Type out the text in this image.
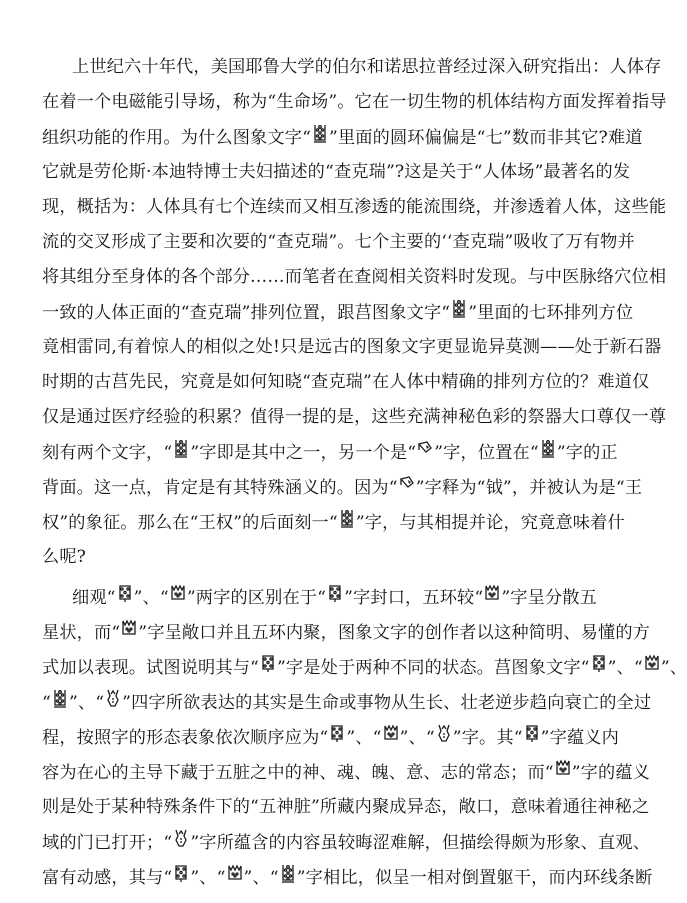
上世纪六十年代，美国耶鲁大学的伯尔和诺思拉普经过深入研究指出：人体存
在着一个电磁能引导场，称为“生命场”。它在一切生物的机体结构方面发挥着指导
组织功能的作用。为什么图象文字“ ”里面的圆环偏偏是“七”数而非其它?难道
它就是劳伦斯·本迪特博士夫妇描述的“查克瑞”?这是关于“人体场”最著名的发
现，概括为：人体具有七个连续而又相互渗透的能流围绕，并渗透着人体，这些能
流的交叉形成了主要和次要的“查克瑞”。七个主要的‘‘查克瑞”吸收了万有物并
将其组分至身体的各个部分……而笔者在查阅相关资料时发现。与中医脉络穴位相
一致的人体正面的“查克瑞”排列位置，跟莒图象文字“ ”里面的七环排列方位
竟相雷同,有着惊人的相似之处!只是远古的图象文字更显诡异莫测——处于新石器
时期的古莒先民，究竟是如何知晓“查克瑞”在人体中精确的排列方位的？难道仅
仅是通过医疗经验的积累？值得一提的是，这些充满神秘色彩的祭器大口尊仅一尊
刻有两个文字，“ ”字即是其中之一，另一个是“ ”字，位置在“ ”字的正
背面。这一点，肯定是有其特殊涵义的。因为“ ”字释为“钺”，并被认为是“王
权”的象征。那么在“王权”的后面刻一“ ”字，与其相提并论，究竟意味着什
么呢?
细观“ ”、“ ”两字的区别在于“ ”字封口，五环较“ ”字呈分散五
星状，而“ ”字呈敞口并且五环内聚，图象文字的创作者以这种简明、易懂的方
式加以表现。试图说明其与“ ”字是处于两种不同的状态。莒图象文字“ ”、“ ”、
“ ”、“ ”四字所欲表达的其实是生命或事物从生长、壮老逆步趋向衰亡的全过
程，按照字的形态表象依次顺序应为“ ”、“ ”、“ ”字。其“ ”字蕴义内
容为在心的主导下藏于五脏之中的神、魂、魄、意、志的常态；而“ ”字的蕴义
则是处于某种特殊条件下的“五神脏”所藏内聚成异态，敞口，意味着通往神秘之
域的门已打开；“ ”字所蕴含的内容虽较晦涩难解，但描绘得颇为形象、直观、
富有动感，其与“ ”、“ ”、“ ”字相比，似呈一相对倒置躯干，而内环线条断
